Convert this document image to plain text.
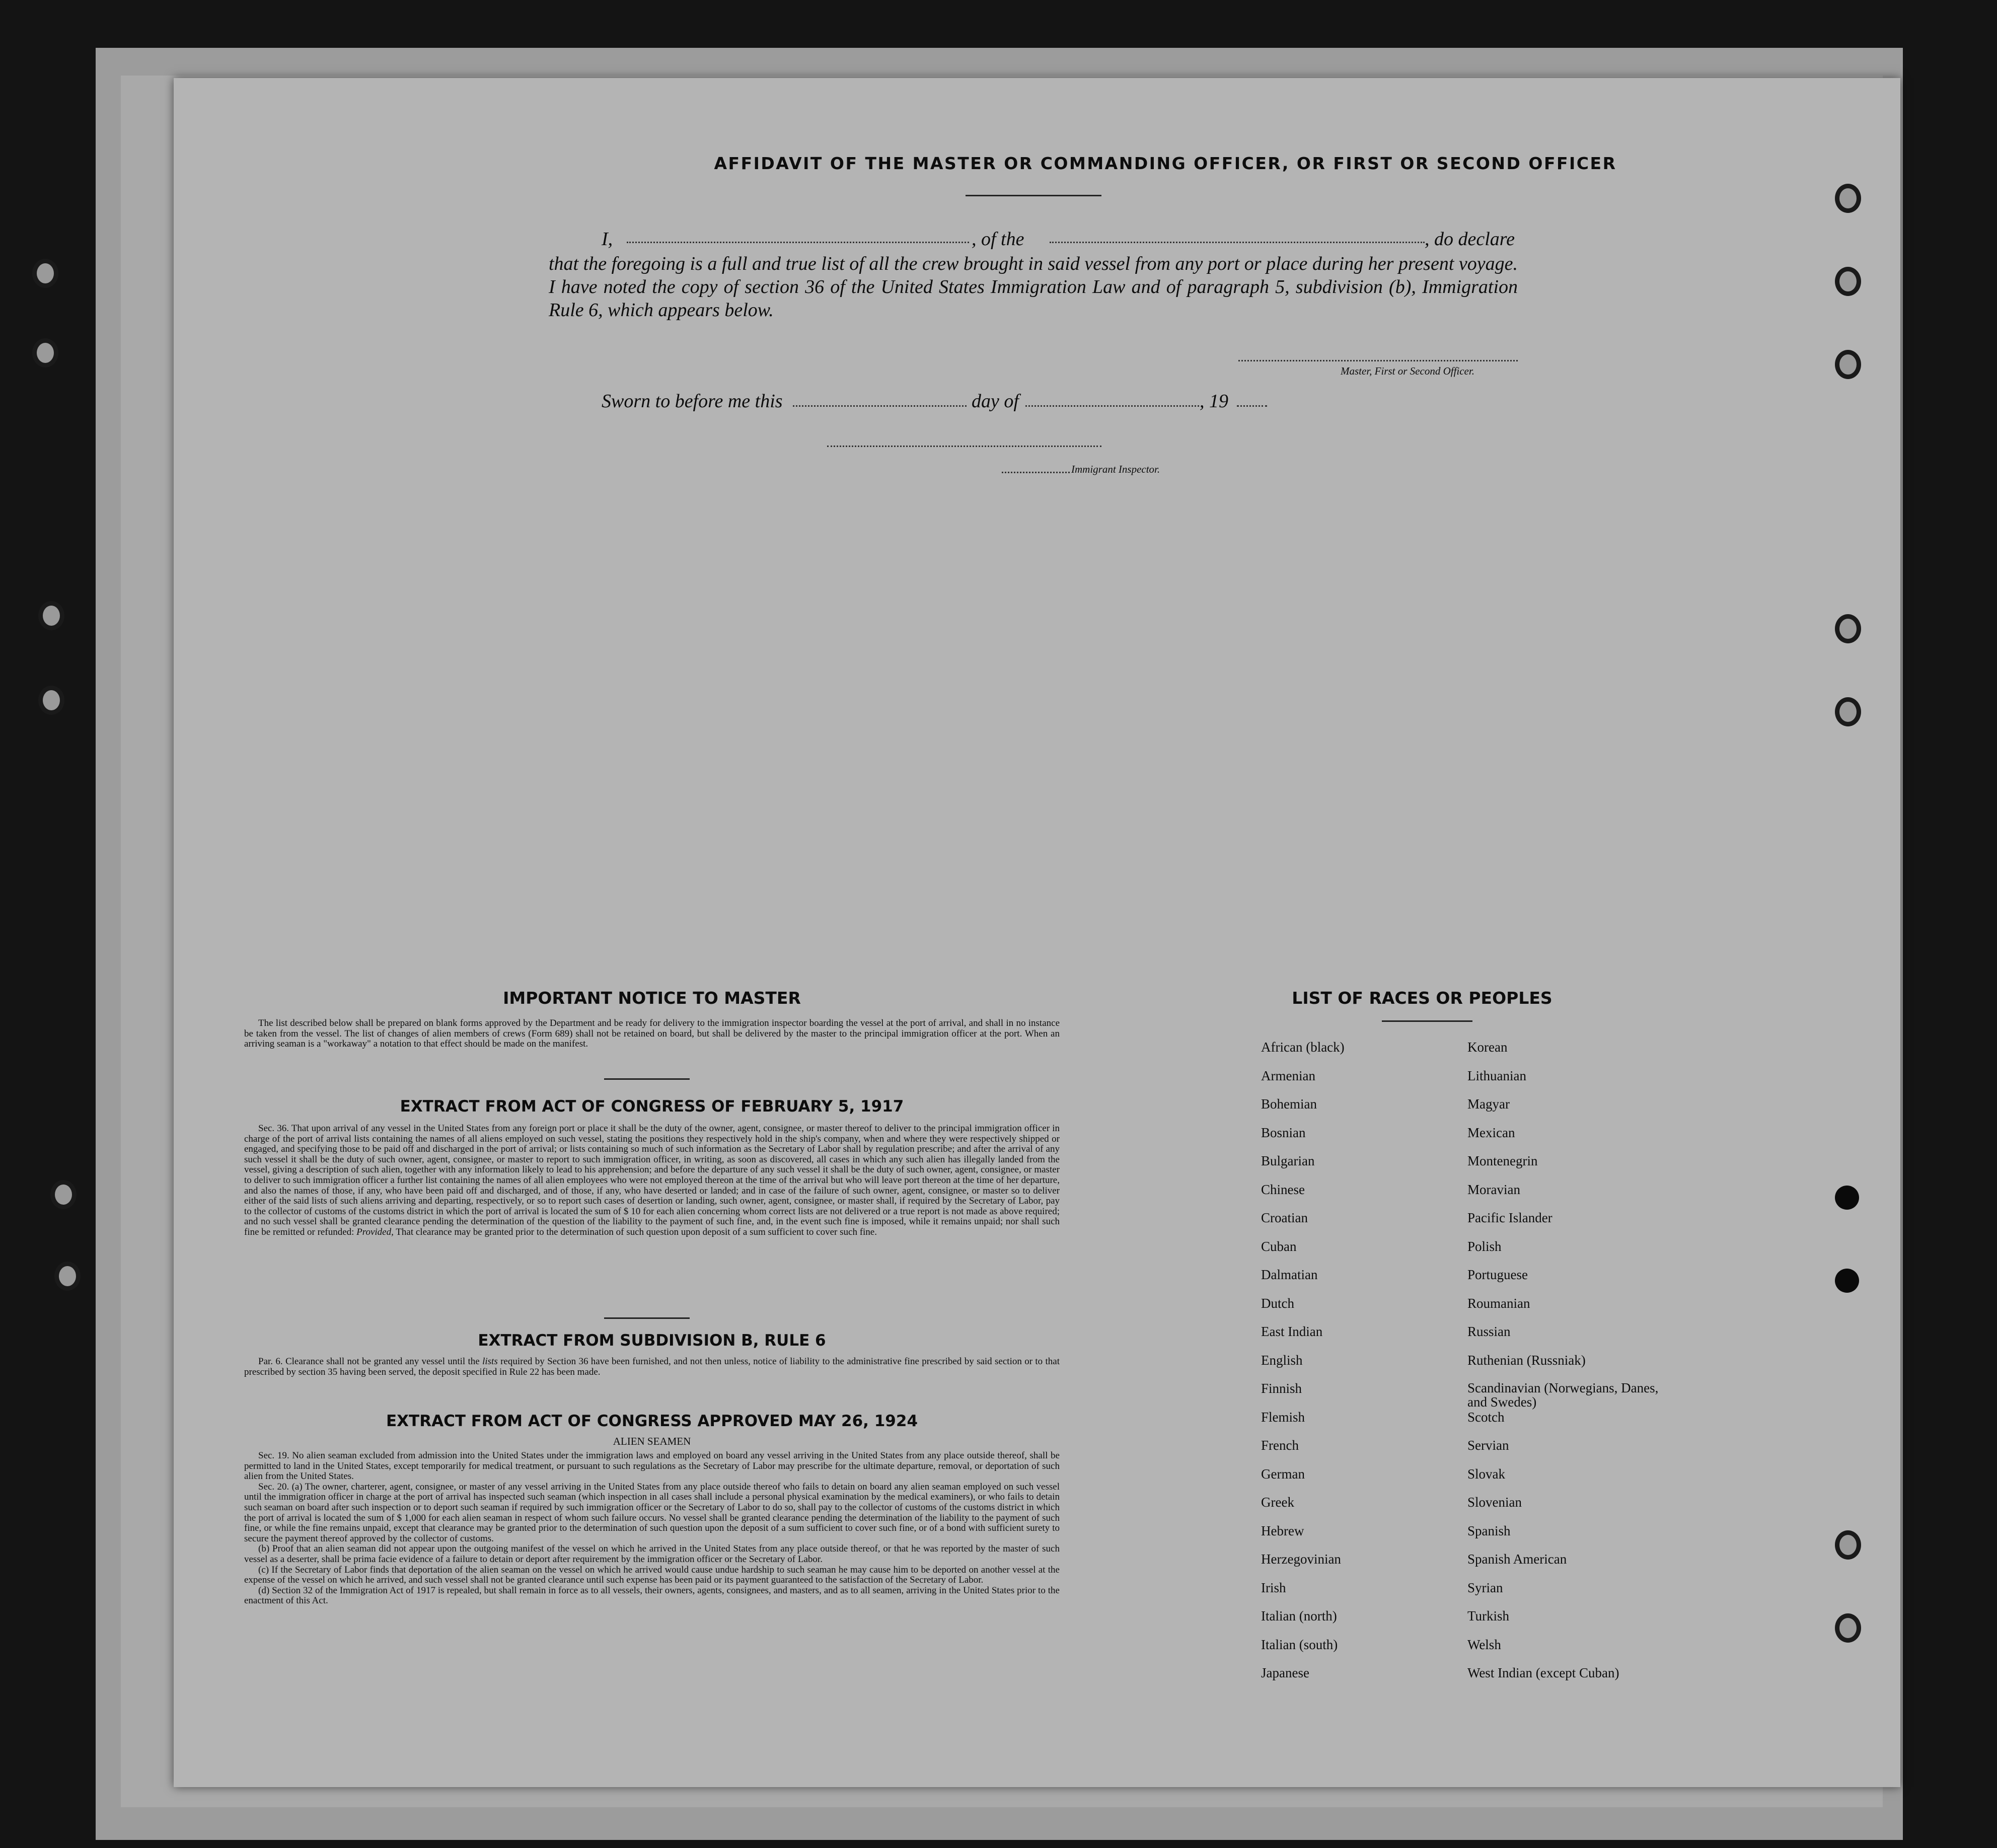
AFFIDAVIT OF THE MASTER OR COMMANDING OFFICER, OR FIRST OR SECOND OFFICER
I,	, of the	, do declare
that the foregoing is a full and true list of all the crew brought in said vessel from any port or place during her present voyage. I have noted the copy of section 36 of the United States Immigration Law and of paragraph 5, subdivision (b), Immigration Rule 6, which appears below.
Master, First or Second Officer.
Sworn to before me this	day of	, 19
Immigrant Inspector.
IMPORTANT NOTICE TO MASTER

The list described below shall be prepared on blank forms approved by the Department and be ready for delivery to the immigration inspector boarding the vessel at the port of arrival, and shall in no instance be taken from the vessel. The list of changes of alien members of crews (Form 689) shall not be retained on board, but shall be delivered by the master to the principal immigration officer at the port. When an arriving seaman is a "workaway" a notation to that effect should be made on the manifest.

EXTRACT FROM ACT OF CONGRESS OF FEBRUARY 5, 1917

Sec. 36. That upon arrival of any vessel in the United States from any foreign port or place it shall be the duty of the owner, agent, consignee, or master thereof to deliver to the principal immigration officer in charge of the port of arrival lists containing the names of all aliens employed on such vessel, stating the positions they respectively hold in the ship's company, when and where they were respectively shipped or engaged, and specifying those to be paid off and discharged in the port of arrival; or lists containing so much of such information as the Secretary of Labor shall by regulation prescribe; and after the arrival of any such vessel it shall be the duty of such owner, agent, consignee, or master to report to such immigration officer, in writing, as soon as discovered, all cases in which any such alien has illegally landed from the vessel, giving a description of such alien, together with any information likely to lead to his apprehension; and before the departure of any such vessel it shall be the duty of such owner, agent, consignee, or master to deliver to such immigration officer a further list containing the names of all alien employees who were not employed thereon at the time of the arrival but who will leave port thereon at the time of her departure, and also the names of those, if any, who have been paid off and discharged, and of those, if any, who have deserted or landed; and in case of the failure of such owner, agent, consignee, or master so to deliver either of the said lists of such aliens arriving and departing, respectively, or so to report such cases of desertion or landing, such owner, agent, consignee, or master shall, if required by the Secretary of Labor, pay to the collector of customs of the customs district in which the port of arrival is located the sum of $ 10 for each alien concerning whom correct lists are not delivered or a true report is not made as above required; and no such vessel shall be granted clearance pending the determination of the question of the liability to the payment of such fine, and, in the event such fine is imposed, while it remains unpaid; nor shall such fine be remitted or refunded: Provided, That clearance may be granted prior to the determination of such question upon deposit of a sum sufficient to cover such fine.

EXTRACT FROM SUBDIVISION B, RULE 6

Par. 6. Clearance shall not be granted any vessel until the lists required by Section 36 have been furnished, and not then unless, notice of liability to the administrative fine prescribed by said section or to that prescribed by section 35 having been served, the deposit specified in Rule 22 has been made.

EXTRACT FROM ACT OF CONGRESS APPROVED MAY 26, 1924
ALIEN SEAMEN

Sec. 19. No alien seaman excluded from admission into the United States under the immigration laws and employed on board any vessel arriving in the United States from any place outside thereof, shall be permitted to land in the United States, except temporarily for medical treatment, or pursuant to such regulations as the Secretary of Labor may prescribe for the ultimate departure, removal, or deportation of such alien from the United States.

Sec. 20. (a) The owner, charterer, agent, consignee, or master of any vessel arriving in the United States from any place outside thereof who fails to detain on board any alien seaman employed on such vessel until the immigration officer in charge at the port of arrival has inspected such seaman (which inspection in all cases shall include a personal physical examination by the medical examiners), or who fails to detain such seaman on board after such inspection or to deport such seaman if required by such immigration officer or the Secretary of Labor to do so, shall pay to the collector of customs of the customs district in which the port of arrival is located the sum of $ 1,000 for each alien seaman in respect of whom such failure occurs. No vessel shall be granted clearance pending the determination of the liability to the payment of such fine, or while the fine remains unpaid, except that clearance may be granted prior to the determination of such question upon the deposit of a sum sufficient to cover such fine, or of a bond with sufficient surety to secure the payment thereof approved by the collector of customs.

(b) Proof that an alien seaman did not appear upon the outgoing manifest of the vessel on which he arrived in the United States from any place outside thereof, or that he was reported by the master of such vessel as a deserter, shall be prima facie evidence of a failure to detain or deport after requirement by the immigration officer or the Secretary of Labor.

(c) If the Secretary of Labor finds that deportation of the alien seaman on the vessel on which he arrived would cause undue hardship to such seaman he may cause him to be deported on another vessel at the expense of the vessel on which he arrived, and such vessel shall not be granted clearance until such expense has been paid or its payment guaranteed to the satisfaction of the Secretary of Labor.

(d) Section 32 of the Immigration Act of 1917 is repealed, but shall remain in force as to all vessels, their owners, agents, consignees, and masters, and as to all seamen, arriving in the United States prior to the enactment of this Act.

LIST OF RACES OR PEOPLES
African (black)
Armenian
Bohemian
Bosnian
Bulgarian
Chinese
Croatian
Cuban
Dalmatian
Dutch
East Indian
English
Finnish
Flemish
French
German
Greek
Hebrew
Herzegovinian
Irish
Italian (north)
Italian (south)
Japanese
Korean
Lithuanian
Magyar
Mexican
Montenegrin
Moravian
Pacific Islander
Polish
Portuguese
Roumanian
Russian
Ruthenian (Russniak)
Scandinavian (Norwegians, Danes, and Swedes)
Scotch
Servian
Slovak
Slovenian
Spanish
Spanish American
Syrian
Turkish
Welsh
West Indian (except Cuban)
